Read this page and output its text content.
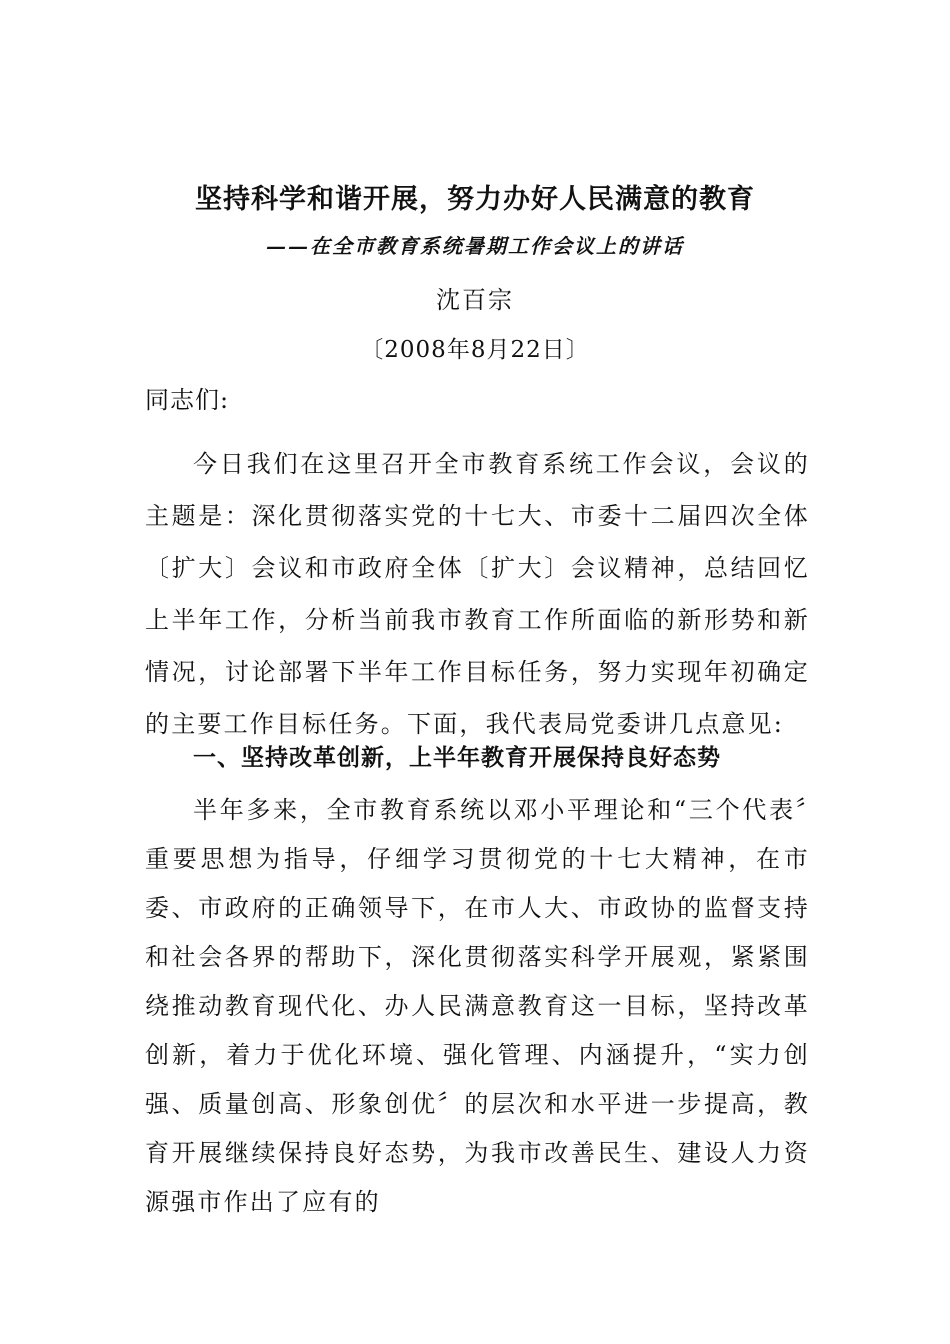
坚持科学和谐开展，努力办好人民满意的教育
——在全市教育系统暑期工作会议上的讲话
沈百宗
〔2008年8月22日〕
同志们:

今日我们在这里召开全市教育系统工作会议，会议的主题是：深化贯彻落实党的十七大、市委十二届四次全体〔扩大〕会议和市政府全体〔扩大〕会议精神，总结回忆上半年工作，分析当前我市教育工作所面临的新形势和新情况，讨论部署下半年工作目标任务，努力实现年初确定的主要工作目标任务。下面，我代表局党委讲几点意见:

一、坚持改革创新，上半年教育开展保持良好态势

半年多来，全市教育系统以邓小平理论和“三个代表〞重要思想为指导，仔细学习贯彻党的十七大精神，在市委、市政府的正确领导下，在市人大、市政协的监督支持和社会各界的帮助下，深化贯彻落实科学开展观，紧紧围绕推动教育现代化、办人民满意教育这一目标，坚持改革创新，着力于优化环境、强化管理、内涵提升，“实力创强、质量创高、形象创优〞的层次和水平进一步提高，教育开展继续保持良好态势，为我市改善民生、建设人力资源强市作出了应有的
